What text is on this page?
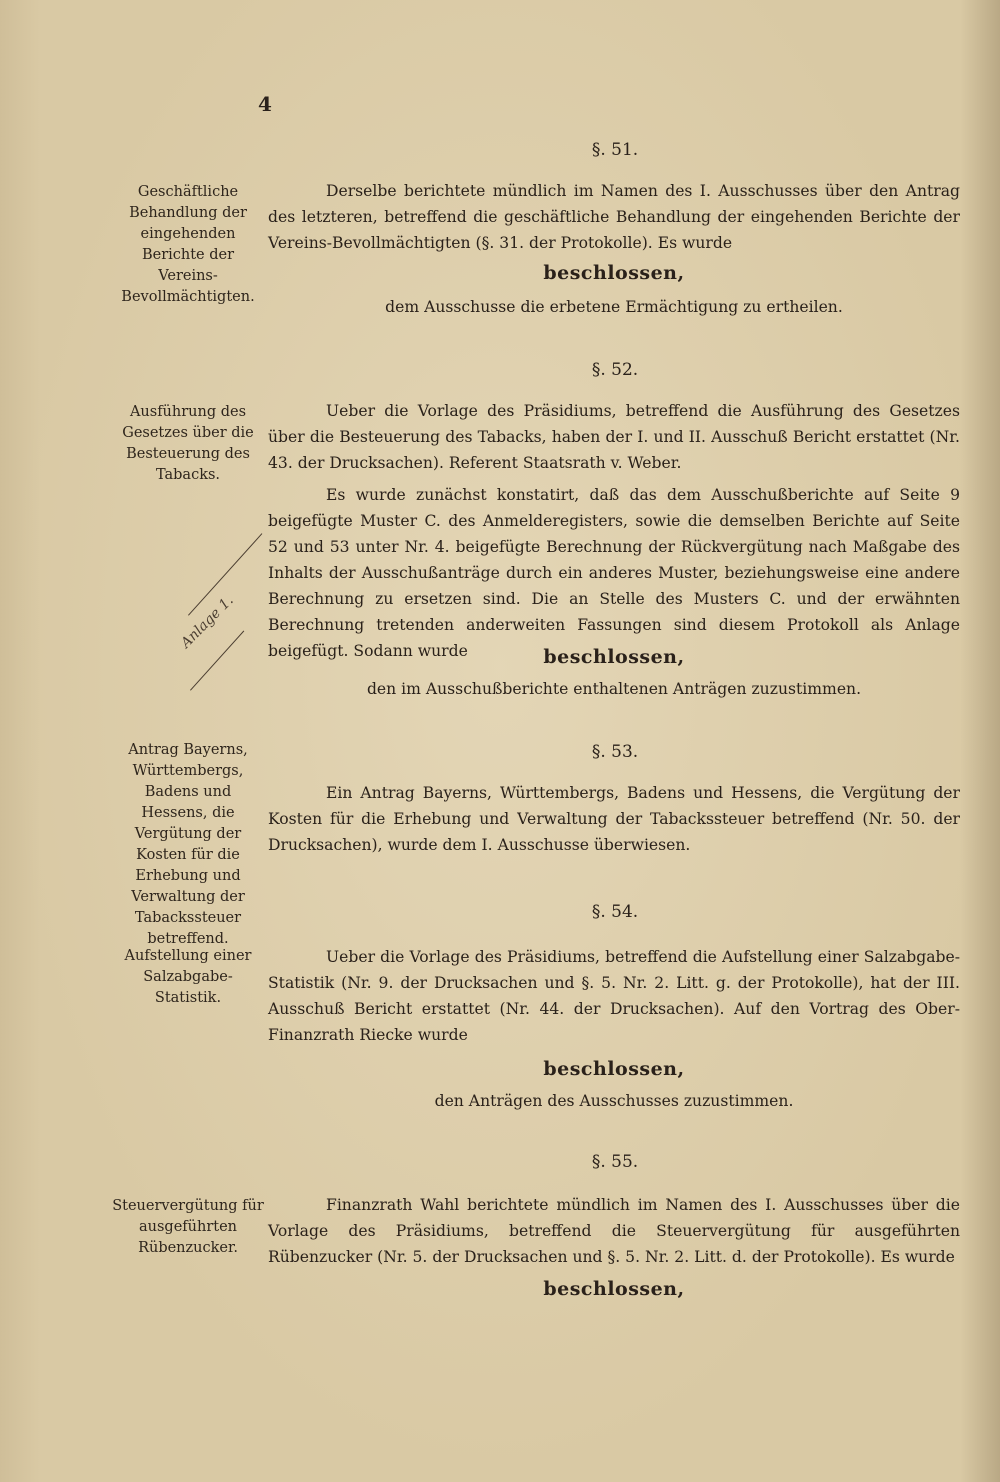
4
§. 51.
Geschäftliche Behandlung der eingehenden Berichte der Vereins-Bevollmächtigten.
Derselbe berichtete mündlich im Namen des I. Ausschusses über den Antrag des letzteren, betreffend die geschäftliche Behandlung der eingehenden Berichte der Vereins-Bevollmächtigten (§. 31. der Protokolle). Es wurde
beschlossen,
dem Ausschusse die erbetene Ermächtigung zu ertheilen.
§. 52.
Ausführung des Gesetzes über die Besteuerung des Tabacks.
Ueber die Vorlage des Präsidiums, betreffend die Ausführung des Gesetzes über die Besteuerung des Tabacks, haben der I. und II. Ausschuß Bericht erstattet (Nr. 43. der Drucksachen). Referent Staatsrath v. Weber.
Es wurde zunächst konstatirt, daß das dem Ausschußberichte auf Seite 9 beigefügte Muster C. des Anmelderegisters, sowie die demselben Berichte auf Seite 52 und 53 unter Nr. 4. beigefügte Berechnung der Rückvergütung nach Maßgabe des Inhalts der Ausschußanträge durch ein anderes Muster, beziehungsweise eine andere Berechnung zu ersetzen sind. Die an Stelle des Musters C. und der erwähnten Berechnung tretenden anderweiten Fassungen sind diesem Protokoll als Anlage beigefügt. Sodann wurde
Anlage 1.
beschlossen,
den im Ausschußberichte enthaltenen Anträgen zuzustimmen.
§. 53.
Antrag Bayerns, Württembergs, Badens und Hessens, die Vergütung der Kosten für die Erhebung und Verwaltung der Tabackssteuer betreffend.
Ein Antrag Bayerns, Württembergs, Badens und Hessens, die Vergütung der Kosten für die Erhebung und Verwaltung der Tabackssteuer betreffend (Nr. 50. der Drucksachen), wurde dem I. Ausschusse überwiesen.
§. 54.
Aufstellung einer Salzabgabe-Statistik.
Ueber die Vorlage des Präsidiums, betreffend die Aufstellung einer Salzabgabe-Statistik (Nr. 9. der Drucksachen und §. 5. Nr. 2. Litt. g. der Protokolle), hat der III. Ausschuß Bericht erstattet (Nr. 44. der Drucksachen). Auf den Vortrag des Ober-Finanzrath Riecke wurde
beschlossen,
den Anträgen des Ausschusses zuzustimmen.
§. 55.
Steuervergütung für ausgeführten Rübenzucker.
Finanzrath Wahl berichtete mündlich im Namen des I. Ausschusses über die Vorlage des Präsidiums, betreffend die Steuervergütung für ausgeführten Rübenzucker (Nr. 5. der Drucksachen und §. 5. Nr. 2. Litt. d. der Protokolle). Es wurde
beschlossen,
